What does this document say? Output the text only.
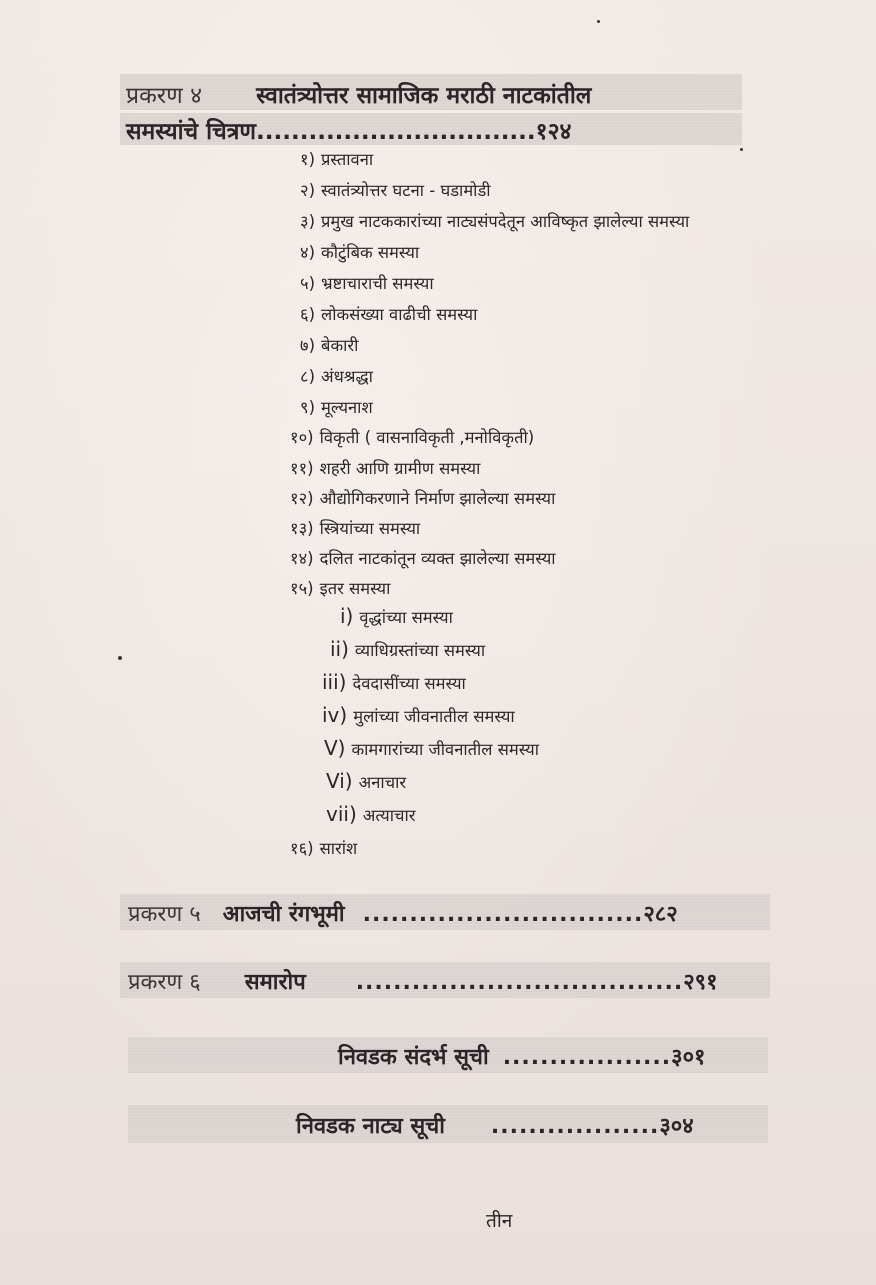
प्रकरण ४ स्वातंत्र्योत्तर सामाजिक मराठी नाटकांतील
समस्यांचे चित्रण................................१२४
१) प्रस्तावना
२) स्वातंत्र्योत्तर घटना - घडामोडी
३) प्रमुख नाटककारांच्या नाट्यसंपदेतून आविष्कृत झालेल्या समस्या
४) कौटुंबिक समस्या
५) भ्रष्टाचाराची समस्या
६) लोकसंख्या वाढीची समस्या
७) बेकारी
८) अंधश्रद्धा
९) मूल्यनाश
१०) विकृती ( वासनाविकृती ,मनोविकृती)
११) शहरी आणि ग्रामीण समस्या
१२) औद्योगिकरणाने निर्माण झालेल्या समस्या
१३) स्त्रियांच्या समस्या
१४) दलित नाटकांतून व्यक्त झालेल्या समस्या
१५) इतर समस्या
i) वृद्धांच्या समस्या
ii) व्याधिग्रस्तांच्या समस्या
iii) देवदासींच्या समस्या
iv) मुलांच्या जीवनातील समस्या
V) कामगारांच्या जीवनातील समस्या
Vi) अनाचार
vii) अत्याचार
१६) सारांश
प्रकरण ५ आजची रंगभूमी ..............................२८२
प्रकरण ६ समारोप ...................................२९१
निवडक संदर्भ सूची ..................३०१
निवडक नाट्य सूची ..................३०४
तीन
